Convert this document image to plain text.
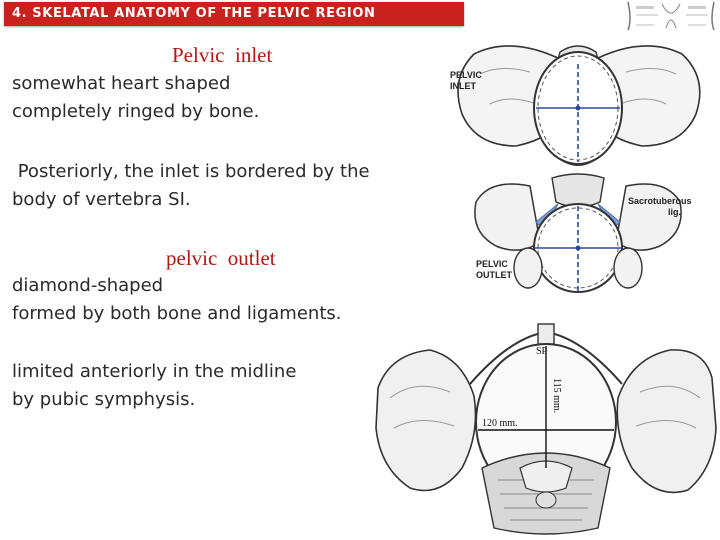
4. SKELATAL ANATOMY OF THE PELVIC REGION
Pelvic  inlet
somewhat heart shaped
completely ringed by bone.
Posteriorly, the inlet is bordered by the
body of vertebra SI.
pelvic  outlet
diamond-shaped
formed by both bone and ligaments.
limited anteriorly in the midline
by pubic symphysis.
PELVIC
INLET
Sacrotuberous
lig.
PELVIC
OUTLET
SP
115 mm.
120 mm.
